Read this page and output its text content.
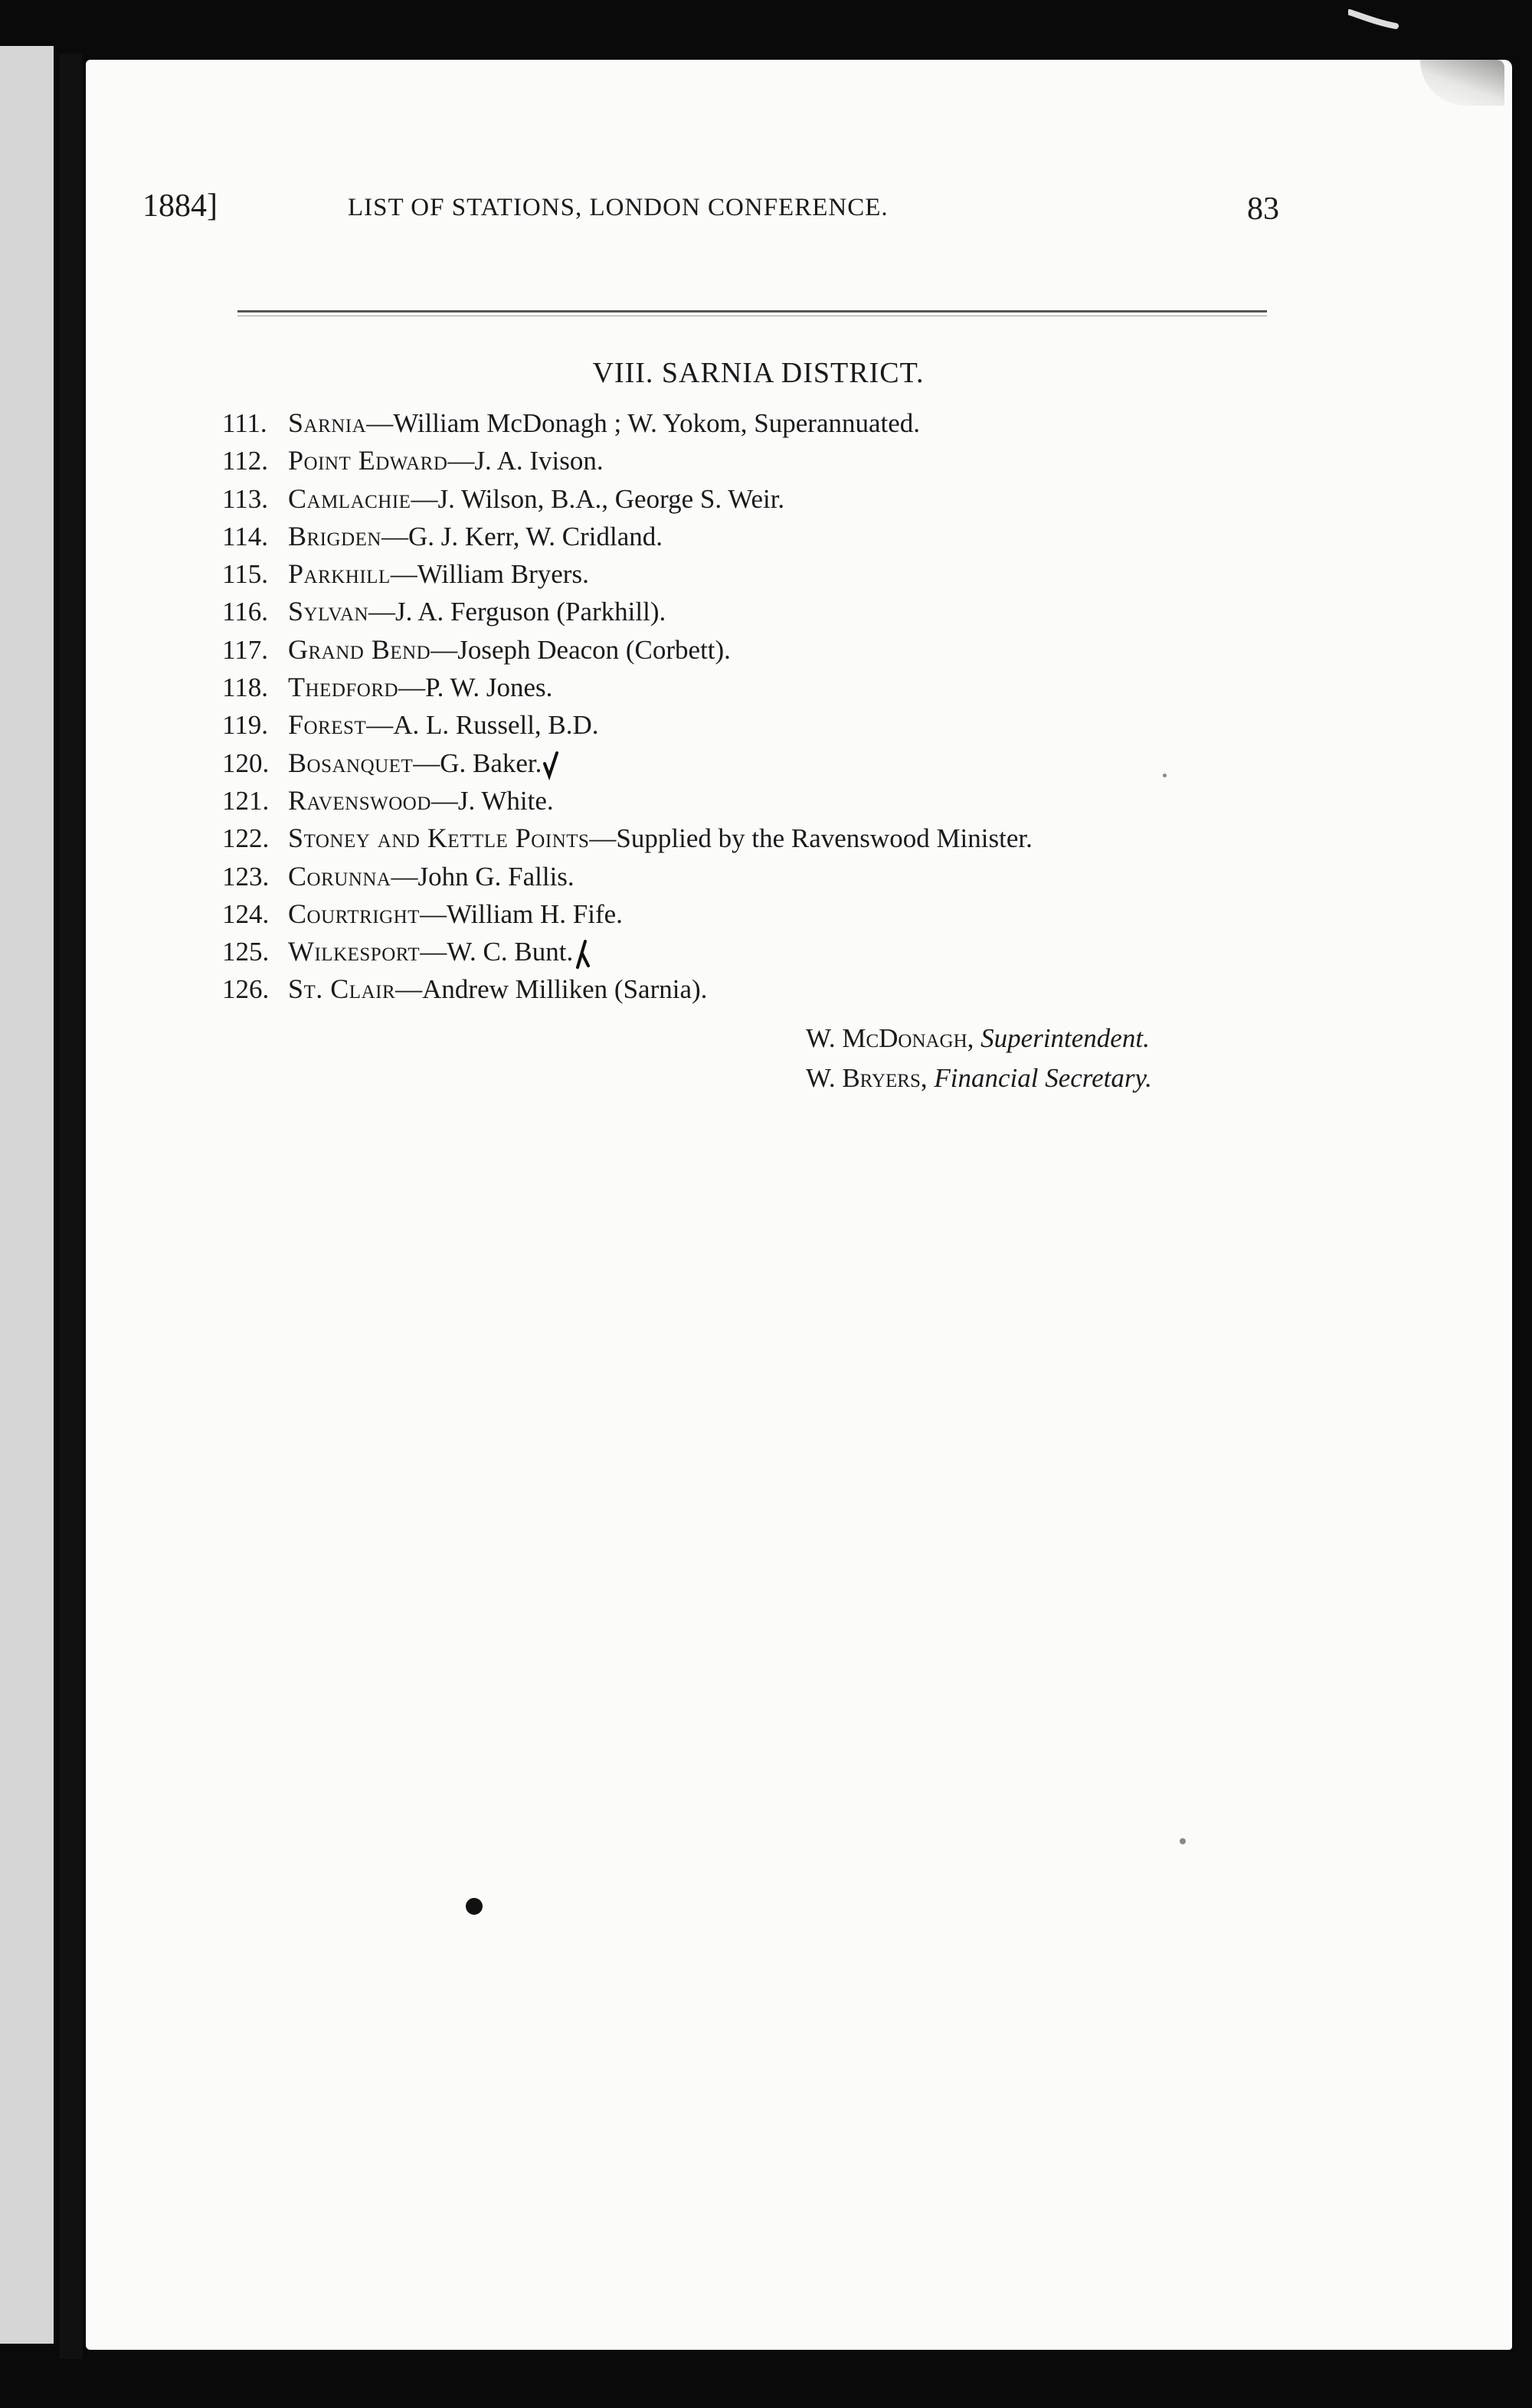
1884]	LIST OF STATIONS, LONDON CONFERENCE.	83
VIII. SARNIA DISTRICT.
111. Sarnia—William McDonagh ; W. Yokom, Superannuated.
112. Point Edward—J. A. Ivison.
113. Camlachie—J. Wilson, B.A., George S. Weir.
114. Brigden—G. J. Kerr, W. Cridland.
115. Parkhill—William Bryers.
116. Sylvan—J. A. Ferguson (Parkhill).
117. Grand Bend—Joseph Deacon (Corbett).
118. Thedford—P. W. Jones.
119. Forest—A. L. Russell, B.D.
120. Bosanquet—G. Baker.
121. Ravenswood—J. White.
122. Stoney and Kettle Points—Supplied by the Ravenswood Minister.
123. Corunna—John G. Fallis.
124. Courtright—William H. Fife.
125. Wilkesport—W. C. Bunt.
126. St. Clair—Andrew Milliken (Sarnia).
W. McDonagh, Superintendent.
W. Bryers, Financial Secretary.
